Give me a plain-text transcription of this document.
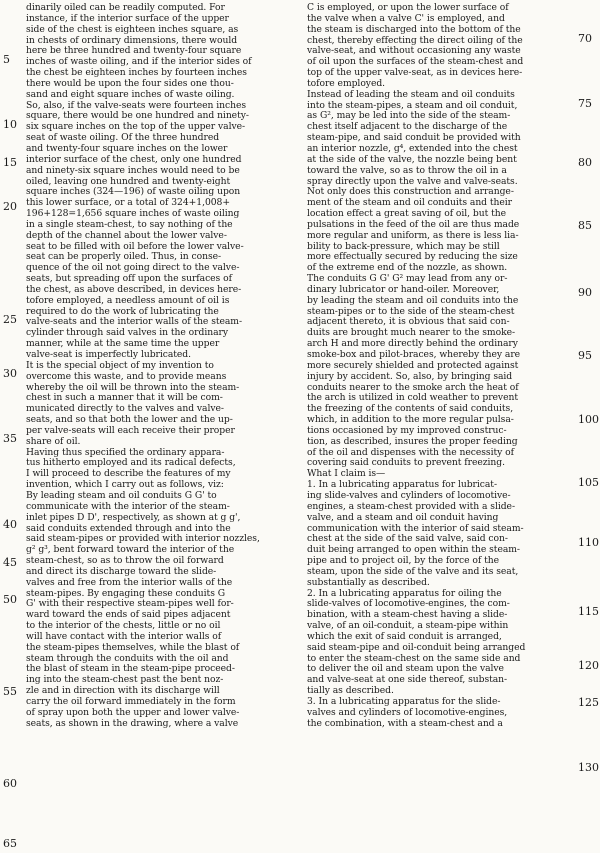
dinarily oiled can be readily computed. For
instance, if the interior surface of the upper
side of the chest is eighteen inches square, as
in chests of ordinary dimensions, there would
here be three hundred and twenty-four square
inches of waste oiling, and if the interior sides of
the chest be eighteen inches by fourteen inches
there would be upon the four sides one thou-
sand and eight square inches of waste oiling.
So, also, if the valve-seats were fourteen inches
square, there would be one hundred and ninety-
six square inches on the top of the upper valve-
seat of waste oiling. Of the three hundred
and twenty-four square inches on the lower
interior surface of the chest, only one hundred
and ninety-six square inches would need to be
oiled, leaving one hundred and twenty-eight
square inches (324—196) of waste oiling upon
this lower surface, or a total of 324+1,008+
196+128=1,656 square inches of waste oiling
in a single steam-chest, to say nothing of the
depth of the channel about the lower valve-
seat to be filled with oil before the lower valve-
seat can be properly oiled. Thus, in conse-
quence of the oil not going direct to the valve-
seats, but spreading off upon the surfaces of
the chest, as above described, in devices here-
tofore employed, a needless amount of oil is
required to do the work of lubricating the
valve-seats and the interior walls of the steam-
cylinder through said valves in the ordinary
manner, while at the same time the upper
valve-seat is imperfectly lubricated.
It is the special object of my invention to
overcome this waste, and to provide means
whereby the oil will be thrown into the steam-
chest in such a manner that it will be com-
municated directly to the valves and valve-
seats, and so that both the lower and the up-
per valve-seats will each receive their proper
share of oil.
Having thus specified the ordinary appara-
tus hitherto employed and its radical defects,
I will proceed to describe the features of my
invention, which I carry out as follows, viz:
By leading steam and oil conduits G G' to
communicate with the interior of the steam-
inlet pipes D D', respectively, as shown at g g',
said conduits extended through and into the
said steam-pipes or provided with interior nozzles,
g² g³, bent forward toward the interior of the
steam-chest, so as to throw the oil forward
and direct its discharge toward the slide-
valves and free from the interior walls of the
steam-pipes. By engaging these conduits G
G' with their respective steam-pipes well for-
ward toward the ends of said pipes adjacent
to the interior of the chests, little or no oil
will have contact with the interior walls of
the steam-pipes themselves, while the blast of
steam through the conduits with the oil and
the blast of steam in the steam-pipe proceed-
ing into the steam-chest past the bent noz-
zle and in direction with its discharge will
carry the oil forward immediately in the form
of spray upon both the upper and lower valve-
seats, as shown in the drawing, where a valve
C is employed, or upon the lower surface of
the valve when a valve C' is employed, and
the steam is discharged into the bottom of the
chest, thereby effecting the direct oiling of the
valve-seat, and without occasioning any waste
of oil upon the surfaces of the steam-chest and
top of the upper valve-seat, as in devices here-
tofore employed.
Instead of leading the steam and oil conduits
into the steam-pipes, a steam and oil conduit,
as G², may be led into the side of the steam-
chest itself adjacent to the discharge of the
steam-pipe, and said conduit be provided with
an interior nozzle, g⁴, extended into the chest
at the side of the valve, the nozzle being bent
toward the valve, so as to throw the oil in a
spray directly upon the valve and valve-seats.
Not only does this construction and arrange-
ment of the steam and oil conduits and their
location effect a great saving of oil, but the
pulsations in the feed of the oil are thus made
more regular and uniform, as there is less lia-
bility to back-pressure, which may be still
more effectually secured by reducing the size
of the extreme end of the nozzle, as shown.
The conduits G G' G² may lead from any or-
dinary lubricator or hand-oiler. Moreover,
by leading the steam and oil conduits into the
steam-pipes or to the side of the steam-chest
adjacent thereto, it is obvious that said con-
duits are brought much nearer to the smoke-
arch H and more directly behind the ordinary
smoke-box and pilot-braces, whereby they are
more securely shielded and protected against
injury by accident. So, also, by bringing said
conduits nearer to the smoke arch the heat of
the arch is utilized in cold weather to prevent
the freezing of the contents of said conduits,
which, in addition to the more regular pulsa-
tions occasioned by my improved construc-
tion, as described, insures the proper feeding
of the oil and dispenses with the necessity of
covering said conduits to prevent freezing.
What I claim is—
1. In a lubricating apparatus for lubricat-
ing slide-valves and cylinders of locomotive-
engines, a steam-chest provided with a slide-
valve, and a steam and oil conduit having
communication with the interior of said steam-
chest at the side of the said valve, said con-
duit being arranged to open within the steam-
pipe and to project oil, by the force of the
steam, upon the side of the valve and its seat,
substantially as described.
2. In a lubricating apparatus for oiling the
slide-valves of locomotive-engines, the com-
bination, with a steam-chest having a slide-
valve, of an oil-conduit, a steam-pipe within
which the exit of said conduit is arranged,
said steam-pipe and oil-conduit being arranged
to enter the steam-chest on the same side and
to deliver the oil and steam upon the valve
and valve-seat at one side thereof, substan-
tially as described.
3. In a lubricating apparatus for the slide-
valves and cylinders of locomotive-engines,
the combination, with a steam-chest and a
5
10
15
20
25
30
35
40
45
50
55
60
65
70
75
80
85
90
95
100
105
110
115
120
125
130
